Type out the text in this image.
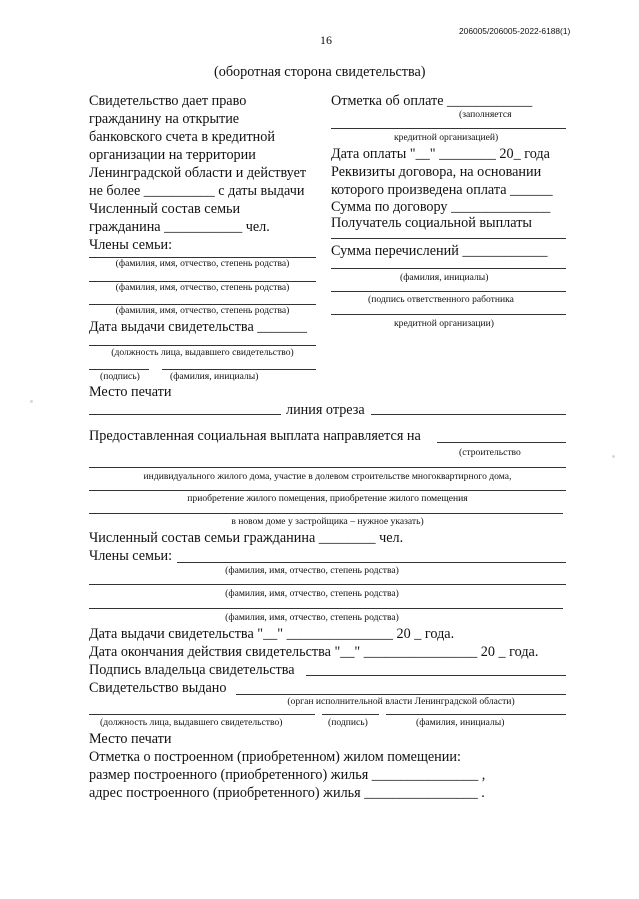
206005/206005-2022-6188(1)
16
(оборотная сторона свидетельства)
Свидетельство дает право
гражданину на открытие
банковского счета в кредитной
организации на территории
Ленинградской области и действует
не более __________ с даты выдачи
Численный состав семьи
гражданина ___________ чел.
Члены семьи:
(фамилия, имя, отчество, степень родства)
(фамилия, имя, отчество, степень родства)
(фамилия, имя, отчество, степень родства)
Дата выдачи свидетельства _______
(должность лица, выдавшего свидетельство)
(подпись)	(фамилия, инициалы)
Место печати
Отметка об оплате ____________
(заполняется
кредитной организацией)
Дата оплаты "__" ________ 20_ года
Реквизиты договора, на основании
которого произведена оплата ______
Сумма по договору ______________
Получатель социальной выплаты
Сумма перечислений ____________
(фамилия, инициалы)
(подпись ответственного работника
кредитной организации)
линия отреза
Предоставленная социальная выплата направляется на
(строительство
индивидуального жилого дома, участие в долевом строительстве многоквартирного дома,
приобретение жилого помещения, приобретение жилого помещения
в новом доме у застройщика – нужное указать)
Численный состав семьи гражданина ________ чел.
Члены семьи:
(фамилия, имя, отчество, степень родства)
(фамилия, имя, отчество, степень родства)
(фамилия, имя, отчество, степень родства)
Дата выдачи свидетельства "__" _______________ 20 _ года.
Дата окончания действия свидетельства "__" ________________ 20 _ года.
Подпись владельца свидетельства
Свидетельство выдано
(орган исполнительной власти Ленинградской области)
(должность лица, выдавшего свидетельство)	(подпись)	(фамилия, инициалы)
Место печати
Отметка о построенном (приобретенном) жилом помещении:
размер построенного (приобретенного) жилья _______________ ,
адрес построенного (приобретенного) жилья ________________ .
